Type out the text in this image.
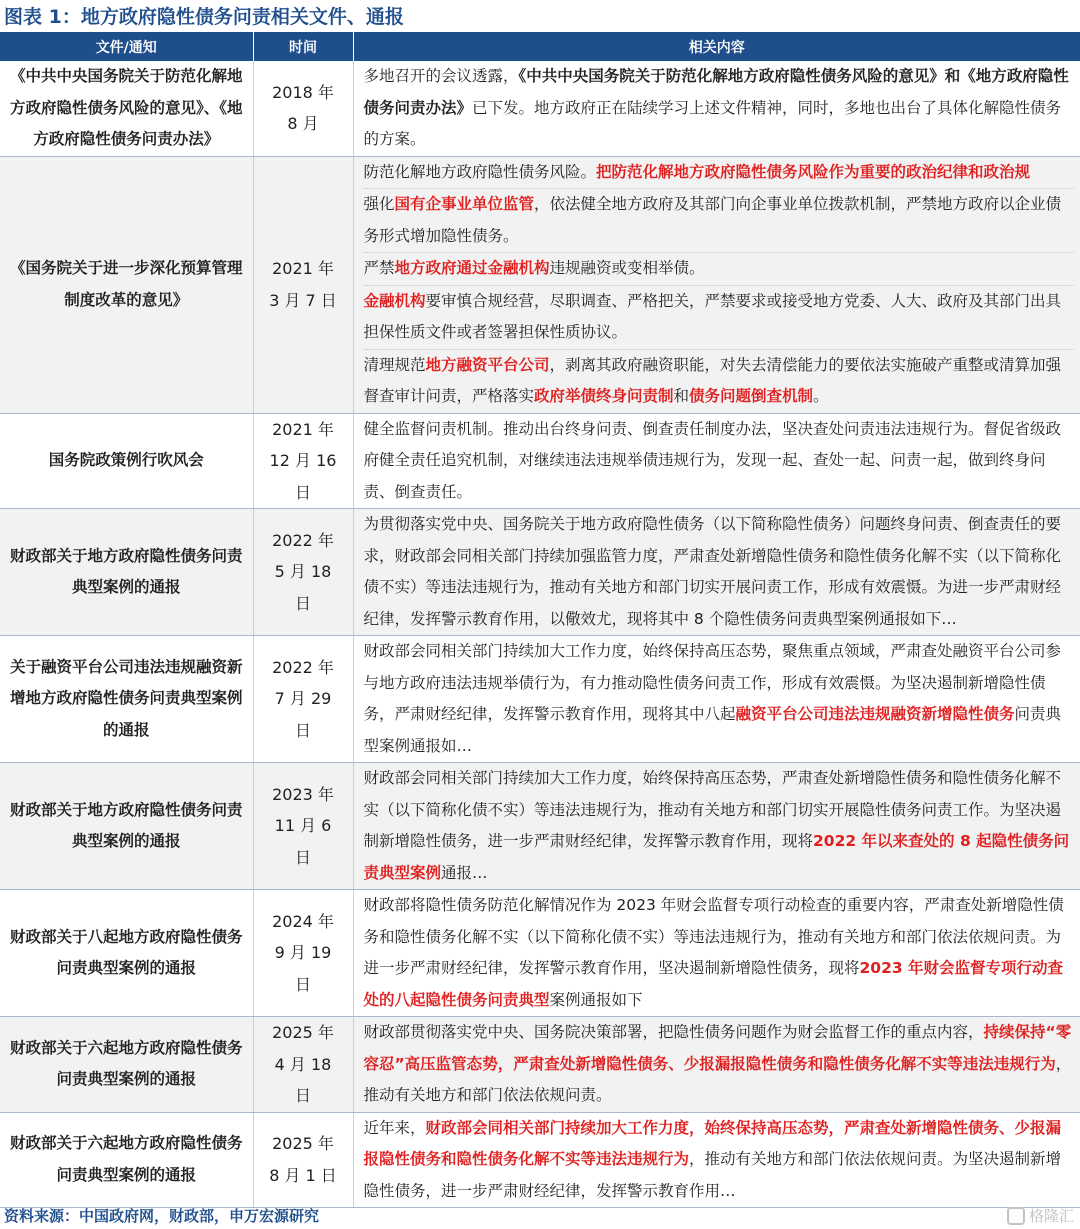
图表 1：地方政府隐性债务问责相关文件、通报
文件/通知	时间	相关内容
《中共中央国务院关于防范化解地方政府隐性债务风险的意见》、《地方政府隐性债务问责办法》	2018 年 8 月	多地召开的会议透露，《中共中央国务院关于防范化解地方政府隐性债务风险的意见》和《地方政府隐性债务问责办法》已下发。地方政府正在陆续学习上述文件精神，同时，多地也出台了具体化解隐性债务的方案。

《国务院关于进一步深化预算管理制度改革的意见》	2021 年 3 月 7 日	防范化解地方政府隐性债务风险。把防范化解地方政府隐性债务风险作为重要的政治纪律和政治规
强化国有企事业单位监管，依法健全地方政府及其部门向企事业单位拨款机制，严禁地方政府以企业债务形式增加隐性债务。
严禁地方政府通过金融机构违规融资或变相举债。
金融机构要审慎合规经营，尽职调查、严格把关，严禁要求或接受地方党委、人大、政府及其部门出具担保性质文件或者签署担保性质协议。
清理规范地方融资平台公司，剥离其政府融资职能，对失去清偿能力的要依法实施破产重整或清算加强督查审计问责，严格落实政府举债终身问责制和债务问题倒查机制。

国务院政策例行吹风会	2021 年 12 月 16 日	健全监督问责机制。推动出台终身问责、倒查责任制度办法，坚决查处问责违法违规行为。督促省级政府健全责任追究机制，对继续违法违规举债违规行为，发现一起、查处一起、问责一起，做到终身问责、倒查责任。

财政部关于地方政府隐性债务问责典型案例的通报	2022 年 5 月 18 日	为贯彻落实党中央、国务院关于地方政府隐性债务（以下简称隐性债务）问题终身问责、倒查责任的要求，财政部会同相关部门持续加强监管力度，严肃查处新增隐性债务和隐性债务化解不实（以下简称化债不实）等违法违规行为，推动有关地方和部门切实开展问责工作，形成有效震慑。为进一步严肃财经纪律，发挥警示教育作用，以儆效尤，现将其中 8 个隐性债务问责典型案例通报如下…

关于融资平台公司违法违规融资新增地方政府隐性债务问责典型案例的通报	2022 年 7 月 29 日	财政部会同相关部门持续加大工作力度，始终保持高压态势，聚焦重点领域，严肃查处融资平台公司参与地方政府违法违规举债行为，有力推动隐性债务问责工作，形成有效震慑。为坚决遏制新增隐性债务，严肃财经纪律，发挥警示教育作用，现将其中八起融资平台公司违法违规融资新增隐性债务问责典型案例通报如…

财政部关于地方政府隐性债务问责典型案例的通报	2023 年 11 月 6 日	财政部会同相关部门持续加大工作力度，始终保持高压态势，严肃查处新增隐性债务和隐性债务化解不实（以下简称化债不实）等违法违规行为，推动有关地方和部门切实开展隐性债务问责工作。为坚决遏制新增隐性债务，进一步严肃财经纪律，发挥警示教育作用，现将2022 年以来查处的 8 起隐性债务问责典型案例通报…

财政部关于八起地方政府隐性债务问责典型案例的通报	2024 年 9 月 19 日	财政部将隐性债务防范化解情况作为 2023 年财会监督专项行动检查的重要内容，严肃查处新增隐性债务和隐性债务化解不实（以下简称化债不实）等违法违规行为，推动有关地方和部门依法依规问责。为进一步严肃财经纪律，发挥警示教育作用，坚决遏制新增隐性债务，现将2023 年财会监督专项行动查处的八起隐性债务问责典型案例通报如下

财政部关于六起地方政府隐性债务问责典型案例的通报	2025 年 4 月 18 日	财政部贯彻落实党中央、国务院决策部署，把隐性债务问题作为财会监督工作的重点内容，持续保持“零容忍”高压监管态势，严肃查处新增隐性债务、少报漏报隐性债务和隐性债务化解不实等违法违规行为，推动有关地方和部门依法依规问责。

财政部关于六起地方政府隐性债务问责典型案例的通报	2025 年 8 月 1 日	近年来，财政部会同相关部门持续加大工作力度，始终保持高压态势，严肃查处新增隐性债务、少报漏报隐性债务和隐性债务化解不实等违法违规行为，推动有关地方和部门依法依规问责。为坚决遏制新增隐性债务，进一步严肃财经纪律，发挥警示教育作用…
资料来源：中国政府网，财政部，申万宏源研究	格隆汇
